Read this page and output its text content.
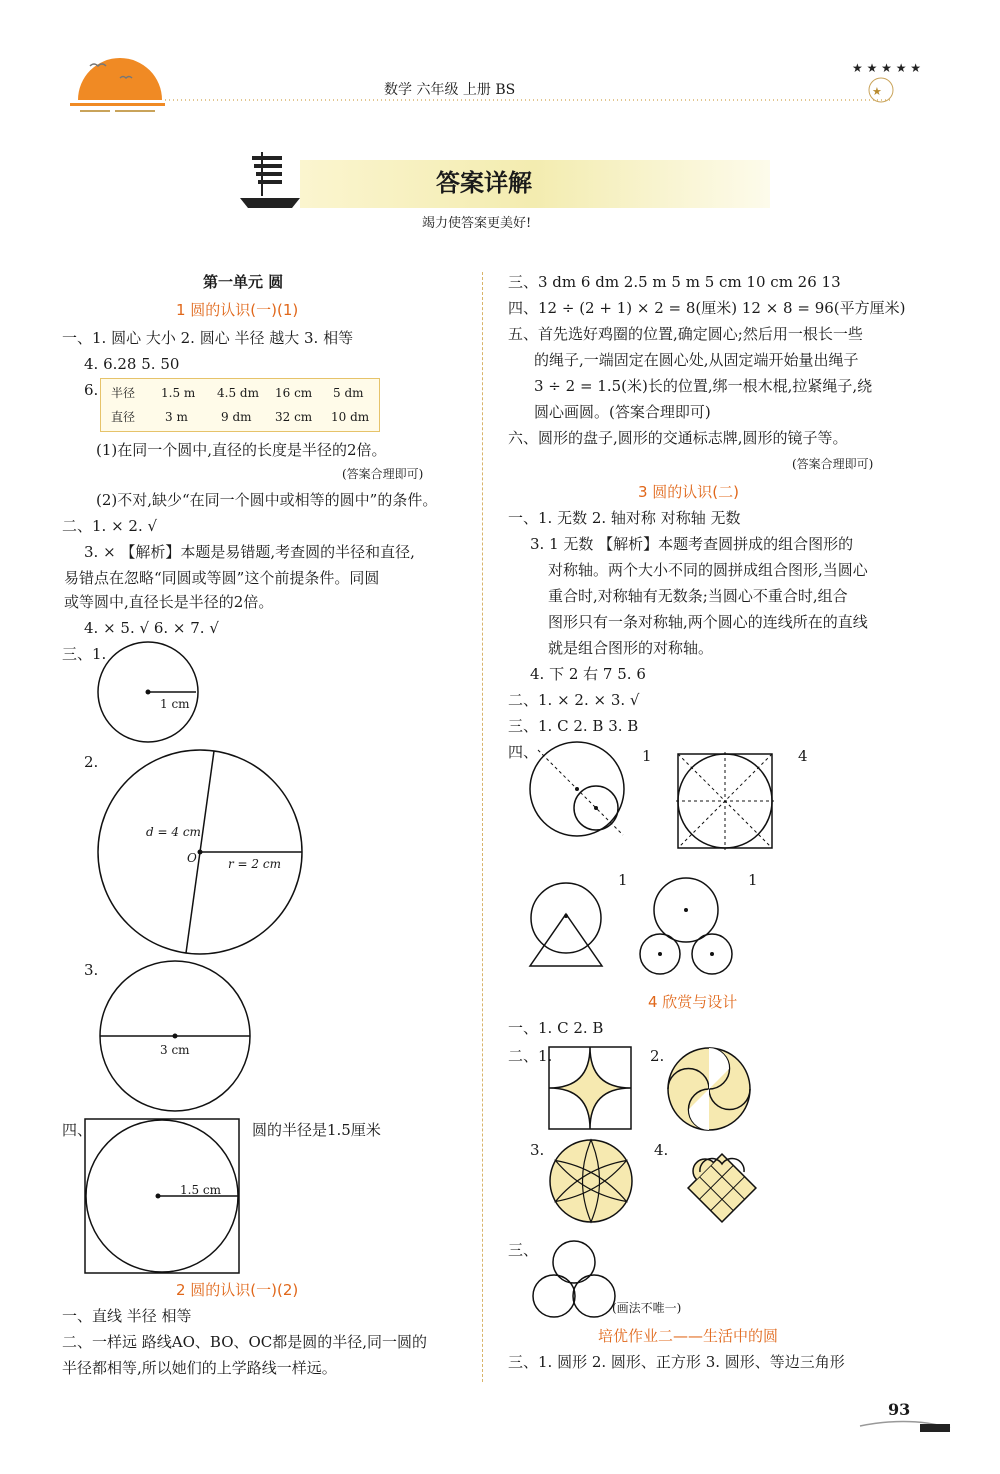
★ ★ ★ ★ ★
★
数学 六年级 上册 BS
答案详解
竭力使答案更美好!
第一单元 圆
1 圆的认识(一)(1)
一、1. 圆心 大小 2. 圆心 半径 越大 3. 相等
4. 6.28 5. 50
6. 半径 1.5 m 4.5 dm 16 cm 5 dm
直径 3 m	9 dm 32 cm 10 dm
(1)在同一个圆中,直径的长度是半径的2倍。
(答案合理即可)
(2)不对,缺少“在同一个圆中或相等的圆中”的条件。
二、1. × 2. √
3. × 【解析】本题是易错题,考查圆的半径和直径,
易错点在忽略“同圆或等圆”这个前提条件。同圆
或等圆中,直径长是半径的2倍。
4. × 5. √ 6. × 7. √
三、1.
1 cm
2.
d = 4 cm
O	r = 2 cm
3.
3 cm
四、	圆的半径是1.5厘米
1.5 cm
2 圆的认识(一)(2)
一、直线 半径 相等
二、一样远 路线AO、BO、OC都是圆的半径,同一圆的
半径都相等,所以她们的上学路线一样远。
三、3 dm 6 dm 2.5 m 5 m 5 cm 10 cm 26 13
四、12 ÷ (2 + 1) × 2 = 8(厘米) 12 × 8 = 96(平方厘米)
五、首先选好鸡圈的位置,确定圆心;然后用一根长一些
的绳子,一端固定在圆心处,从固定端开始量出绳子
3 ÷ 2 = 1.5(米)长的位置,绑一根木棍,拉紧绳子,绕
圆心画圆。(答案合理即可)
六、圆形的盘子,圆形的交通标志牌,圆形的镜子等。
(答案合理即可)
3 圆的认识(二)
一、1. 无数 2. 轴对称 对称轴 无数
3. 1 无数 【解析】本题考查圆拼成的组合图形的
对称轴。两个大小不同的圆拼成组合图形,当圆心
重合时,对称轴有无数条;当圆心不重合时,组合
图形只有一条对称轴,两个圆心的连线所在的直线
就是组合图形的对称轴。
4. 下 2 右 7 5. 6
二、1. × 2. × 3. √
三、1. C 2. B 3. B
四、	1	4
1	1
4 欣赏与设计
一、1. C 2. B
二、1.	2.
3.	4.
三、
(画法不唯一)
培优作业二——生活中的圆
三、1. 圆形 2. 圆形、正方形 3. 圆形、等边三角形
93
